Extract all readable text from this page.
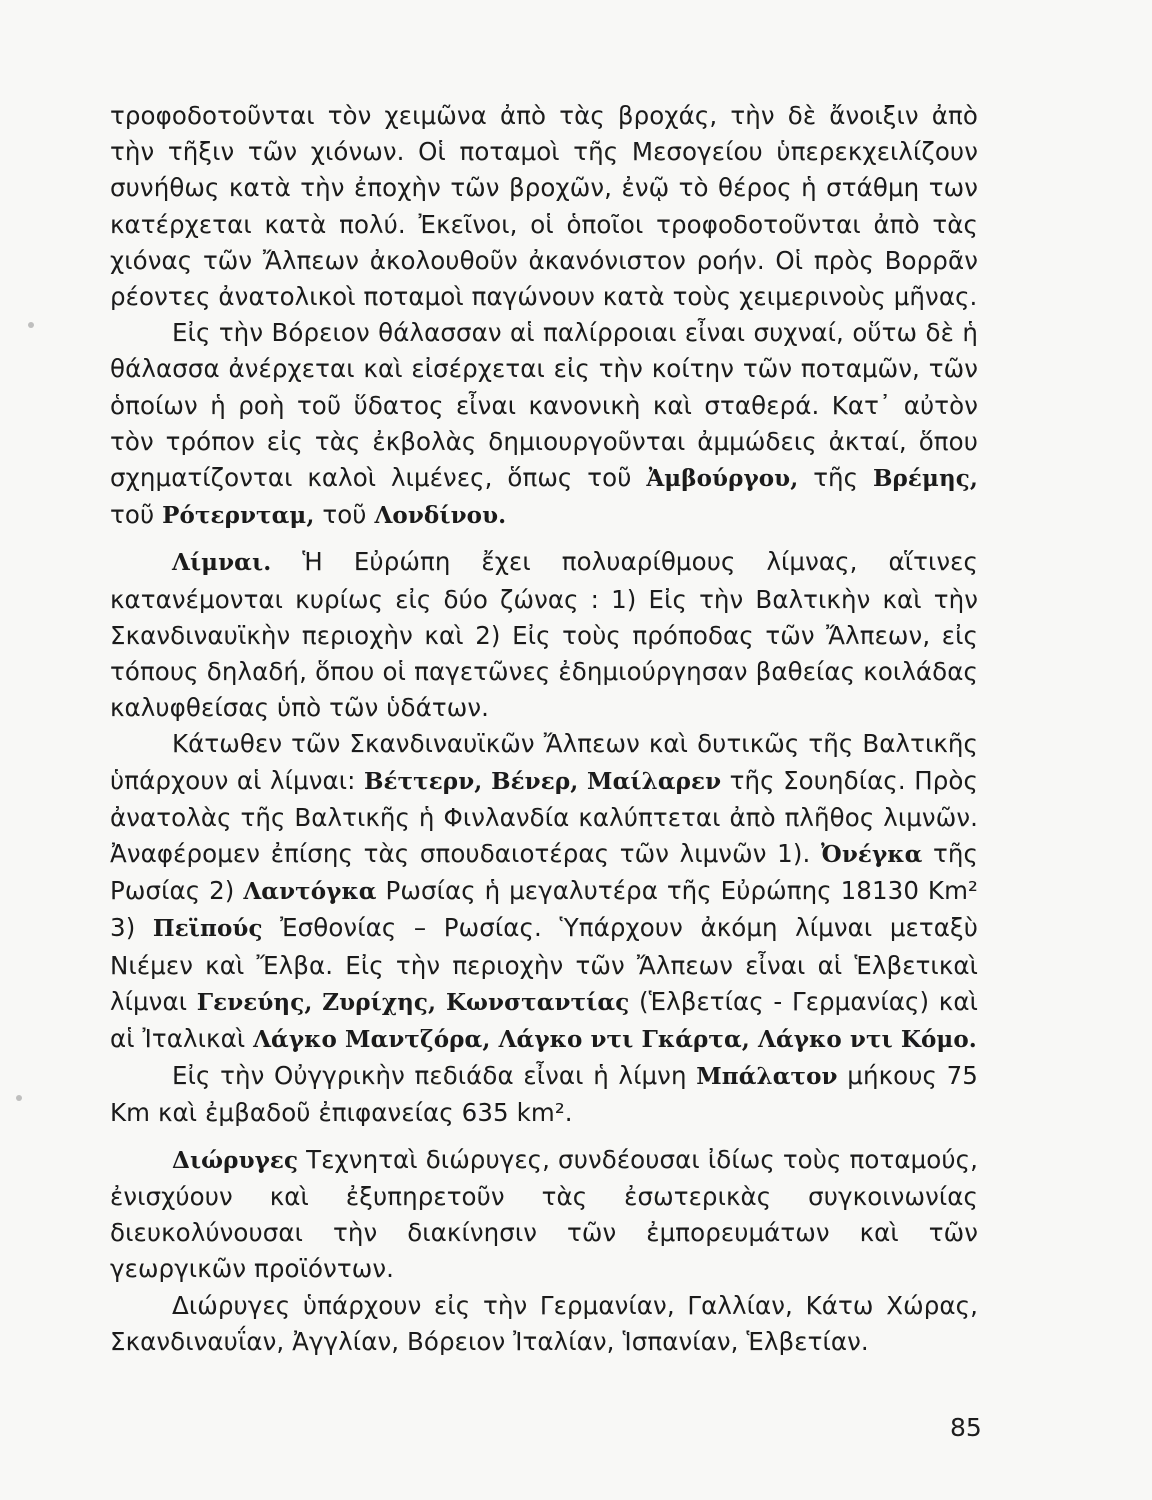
τροφοδοτοῦνται τὸν χειμῶνα ἀπὸ τὰς βροχάς, τὴν δὲ ἄνοιξιν ἀπὸ τὴν τῆξιν τῶν χιόνων. Οἱ ποταμοὶ τῆς Μεσογείου ὑπερεκχειλίζουν συνήθως κατὰ τὴν ἐποχὴν τῶν βροχῶν, ἐνῷ τὸ θέρος ἡ στάθμη των κατέρχεται κατὰ πολύ. Ἐκεῖνοι, οἱ ὁποῖοι τροφοδοτοῦνται ἀπὸ τὰς χιόνας τῶν Ἄλπεων ἀκολουθοῦν ἀκανόνιστον ροήν. Οἱ πρὸς Βορρᾶν ρέοντες ἀνατολικοὶ ποταμοὶ παγώνουν κατὰ τοὺς χειμερινοὺς μῆνας.

Εἰς τὴν Βόρειον θάλασσαν αἱ παλίρροιαι εἶναι συχναί, οὕτω δὲ ἡ θάλασσα ἀνέρχεται καὶ εἰσέρχεται εἰς τὴν κοίτην τῶν ποταμῶν, τῶν ὁποίων ἡ ροὴ τοῦ ὕδατος εἶναι κανονικὴ καὶ σταθερά. Κατ᾽ αὐτὸν τὸν τρόπον εἰς τὰς ἐκβολὰς δημιουργοῦνται ἀμμώδεις ἀκταί, ὅπου σχηματίζονται καλοὶ λιμένες, ὅπως τοῦ Ἀμβούργου, τῆς Βρέμης, τοῦ Ρότερνταμ, τοῦ Λονδίνου.

Λίμναι. Ἡ Εὐρώπη ἔχει πολυαρίθμους λίμνας, αἵτινες κατανέμονται κυρίως εἰς δύο ζώνας : 1) Εἰς τὴν Βαλτικὴν καὶ τὴν Σκανδιναυϊκὴν περιοχὴν καὶ 2) Εἰς τοὺς πρόποδας τῶν Ἄλπεων, εἰς τόπους δηλαδή, ὅπου οἱ παγετῶνες ἐδημιούργησαν βαθείας κοιλάδας καλυφθείσας ὑπὸ τῶν ὑδάτων.

Κάτωθεν τῶν Σκανδιναυϊκῶν Ἄλπεων καὶ δυτικῶς τῆς Βαλτικῆς ὑπάρχουν αἱ λίμναι: Βέττερν, Βένερ, Μαίλαρεν τῆς Σουηδίας. Πρὸς ἀνατολὰς τῆς Βαλτικῆς ἡ Φινλανδία καλύπτεται ἀπὸ πλῆθος λιμνῶν. Ἀναφέρομεν ἐπίσης τὰς σπουδαιοτέρας τῶν λιμνῶν 1). Ὀνέγκα τῆς Ρωσίας 2) Λαντόγκα Ρωσίας ἡ μεγαλυτέρα τῆς Εὐρώπης 18130 Km² 3) Πεϊπούς Ἐσθονίας – Ρωσίας. Ὑπάρχουν ἀκόμη λίμναι μεταξὺ Νιέμεν καὶ Ἔλβα. Εἰς τὴν περιοχὴν τῶν Ἄλπεων εἶναι αἱ Ἑλβετικαὶ λίμναι Γενεύης, Ζυρίχης, Κωνσταντίας (Ἑλβετίας - Γερμανίας) καὶ αἱ Ἰταλικαὶ Λάγκο Μαντζόρα, Λάγκο ντι Γκάρτα, Λάγκο ντι Κόμο.

Εἰς τὴν Οὐγγρικὴν πεδιάδα εἶναι ἡ λίμνη Μπάλατον μήκους 75 Km καὶ ἐμβαδοῦ ἐπιφανείας 635 km².

Διώρυγες Τεχνηταὶ διώρυγες, συνδέουσαι ἰδίως τοὺς ποταμούς, ἐνισχύουν καὶ ἐξυπηρετοῦν τὰς ἐσωτερικὰς συγκοινωνίας διευκολύνουσαι τὴν διακίνησιν τῶν ἐμπορευμάτων καὶ τῶν γεωργικῶν προϊόντων.

Διώρυγες ὑπάρχουν εἰς τὴν Γερμανίαν, Γαλλίαν, Κάτω Χώρας, Σκανδιναυΐαν, Ἀγγλίαν, Βόρειον Ἰταλίαν, Ἱσπανίαν, Ἑλβετίαν.

85
